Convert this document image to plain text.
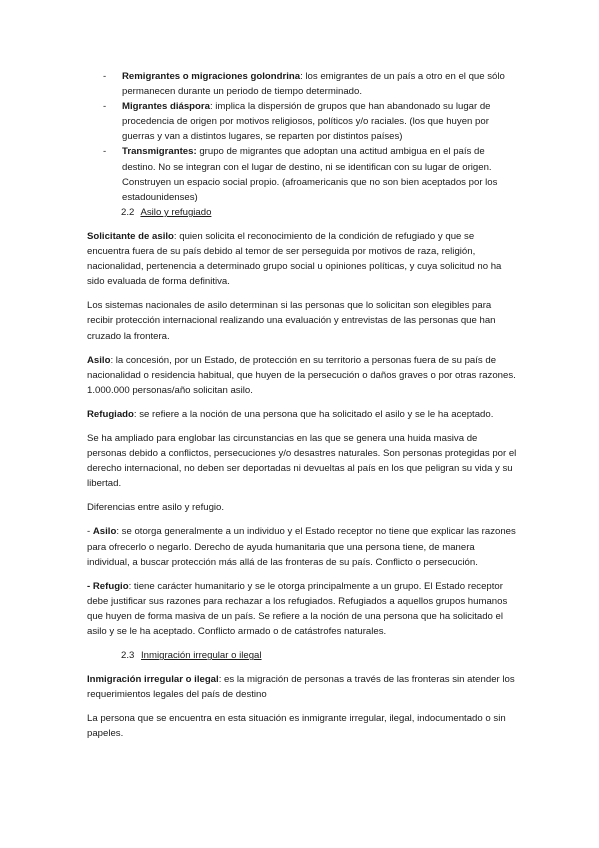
- Remigrantes o migraciones golondrina: los emigrantes de un país a otro en el que sólo permanecen durante un periodo de tiempo determinado.
- Migrantes diáspora: implica la dispersión de grupos que han abandonado su lugar de procedencia de origen por motivos religiosos, políticos y/o raciales. (los que huyen por guerras y van a distintos lugares, se reparten por distintos países)
- Transmigrantes: grupo de migrantes que adoptan una actitud ambigua en el país de destino. No se integran con el lugar de destino, ni se identifican con su lugar de origen. Construyen un espacio social propio. (afroamericanis que no son bien aceptados por los estadounidenses)
2.2 Asilo y refugiado

Solicitante de asilo: quien solicita el reconocimiento de la condición de refugiado y que se encuentra fuera de su país debido al temor de ser perseguida por motivos de raza, religión, nacionalidad, pertenencia a determinado grupo social u opiniones políticas, y cuya solicitud no ha sido evaluada de forma definitiva.

Los sistemas nacionales de asilo determinan si las personas que lo solicitan son elegibles para recibir protección internacional realizando una evaluación y entrevistas de las personas que han cruzado la frontera.

Asilo: la concesión, por un Estado, de protección en su territorio a personas fuera de su país de nacionalidad o residencia habitual, que huyen de la persecución o daños graves o por otras razones. 1.000.000 personas/año solicitan asilo.

Refugiado: se refiere a la noción de una persona que ha solicitado el asilo y se le ha aceptado.

Se ha ampliado para englobar las circunstancias en las que se genera una huida masiva de personas debido a conflictos, persecuciones y/o desastres naturales. Son personas protegidas por el derecho internacional, no deben ser deportadas ni devueltas al país en los que peligran su vida y su libertad.

Diferencias entre asilo y refugio.

- Asilo: se otorga generalmente a un individuo y el Estado receptor no tiene que explicar las razones para ofrecerlo o negarlo. Derecho de ayuda humanitaria que una persona tiene, de manera individual, a buscar protección más allá de las fronteras de su país. Conflicto o persecución.

- Refugio: tiene carácter humanitario y se le otorga principalmente a un grupo. El Estado receptor debe justificar sus razones para rechazar a los refugiados. Refugiados a aquellos grupos humanos que huyen de forma masiva de un país. Se refiere a la noción de una persona que ha solicitado el asilo y se le ha aceptado. Conflicto armado o de catástrofes naturales.

2.3 Inmigración irregular o ilegal

Inmigración irregular o ilegal: es la migración de personas a través de las fronteras sin atender los requerimientos legales del país de destino

La persona que se encuentra en esta situación es inmigrante irregular, ilegal, indocumentado o sin papeles.
